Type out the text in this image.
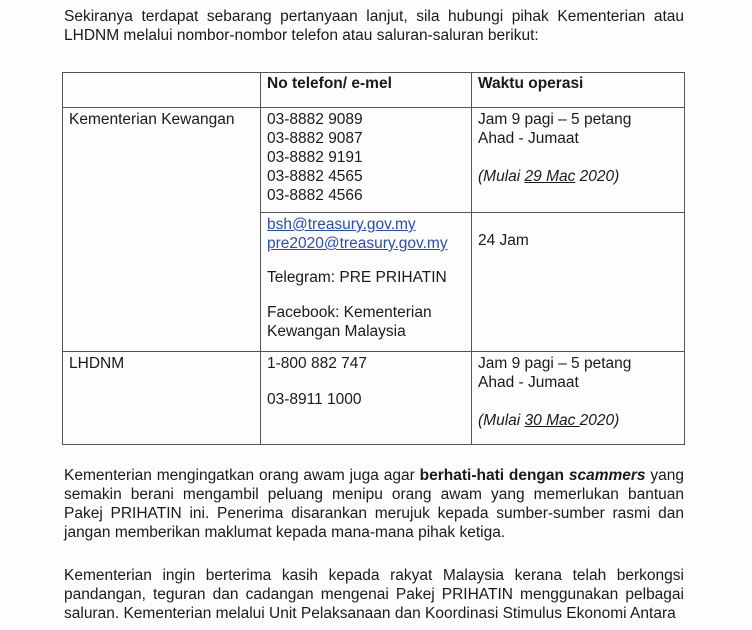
Sekiranya terdapat sebarang pertanyaan lanjut, sila hubungi pihak Kementerian atau LHDNM melalui nombor-nombor telefon atau saluran-saluran berikut:

	No telefon/ e-mel	Waktu operasi

Kementerian Kewangan	03-8882 9089
03-8882 9087
03-8882 9191
03-8882 4565
03-8882 4566	Jam 9 pagi – 5 petang
Ahad - Jumaat
(Mulai 29 Mac 2020)

	bsh@treasury.gov.my
pre2020@treasury.gov.my
Telegram: PRE PRIHATIN
Facebook: Kementerian
Kewangan Malaysia	24 Jam

LHDNM	1-800 882 747
03-8911 1000	Jam 9 pagi – 5 petang
Ahad - Jumaat
(Mulai 30 Mac 2020)

Kementerian mengingatkan orang awam juga agar berhati-hati dengan scammers yang semakin berani mengambil peluang menipu orang awam yang memerlukan bantuan Pakej PRIHATIN ini. Penerima disarankan merujuk kepada sumber-sumber rasmi dan jangan memberikan maklumat kepada mana-mana pihak ketiga.

Kementerian ingin berterima kasih kepada rakyat Malaysia kerana telah berkongsi pandangan, teguran dan cadangan mengenai Pakej PRIHATIN menggunakan pelbagai saluran. Kementerian melalui Unit Pelaksanaan dan Koordinasi Stimulus Ekonomi Antara
